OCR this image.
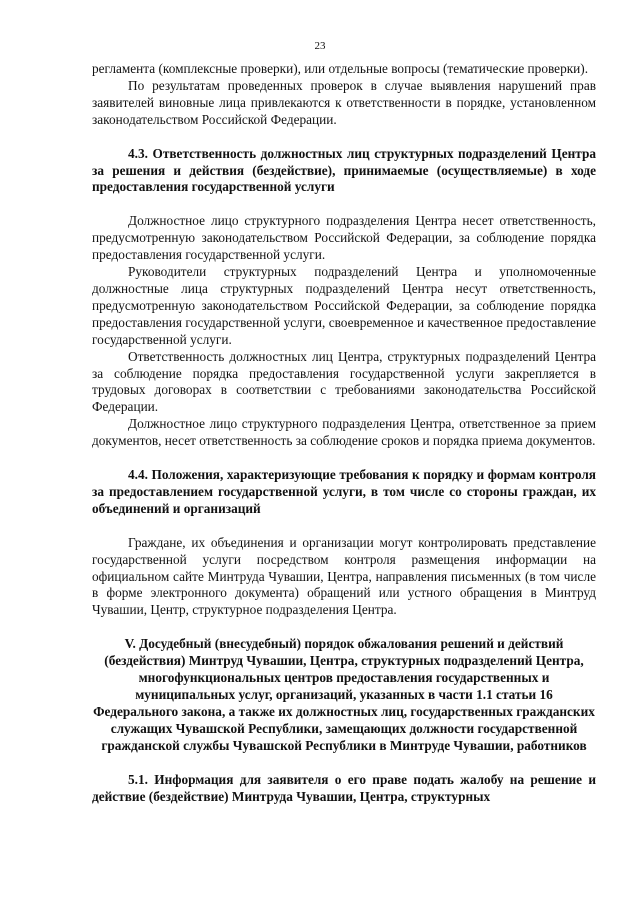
23

регламента (комплексные проверки), или отдельные вопросы (тематические проверки).

По результатам проведенных проверок в случае выявления нарушений прав заявителей виновные лица привлекаются к ответственности в порядке, установленном законодательством Российской Федерации.

4.3. Ответственность должностных лиц структурных подразделений Центра за решения и действия (бездействие), принимаемые (осуществляемые) в ходе предоставления государственной услуги

Должностное лицо структурного подразделения Центра несет ответственность, предусмотренную законодательством Российской Федерации, за соблюдение порядка предоставления государственной услуги.

Руководители структурных подразделений Центра и уполномоченные должностные лица структурных подразделений Центра несут ответственность, предусмотренную законодательством Российской Федерации, за соблюдение порядка предоставления государственной услуги, своевременное и качественное предоставление государственной услуги.

Ответственность должностных лиц Центра, структурных подразделений Центра за соблюдение порядка предоставления государственной услуги закрепляется в трудовых договорах в соответствии с требованиями законодательства Российской Федерации.

Должностное лицо структурного подразделения Центра, ответственное за прием документов, несет ответственность за соблюдение сроков и порядка приема документов.

4.4. Положения, характеризующие требования к порядку и формам контроля за предоставлением государственной услуги, в том числе со стороны граждан, их объединений и организаций

Граждане, их объединения и организации могут контролировать представление государственной услуги посредством контроля размещения информации на официальном сайте Минтруда Чувашии, Центра, направления письменных (в том числе в форме электронного документа) обращений или устного обращения в Минтруд Чувашии, Центр, структурное подразделения Центра.

V. Досудебный (внесудебный) порядок обжалования решений и действий (бездействия) Минтруд Чувашии, Центра, структурных подразделений Центра, многофункциональных центров предоставления государственных и муниципальных услуг, организаций, указанных в части 1.1 статьи 16 Федерального закона, а также их должностных лиц, государственных гражданских служащих Чувашской Республики, замещающих должности государственной гражданской службы Чувашской Республики в Минтруде Чувашии, работников

5.1. Информация для заявителя о его праве подать жалобу на решение и действие (бездействие) Минтруда Чувашии, Центра, структурных
